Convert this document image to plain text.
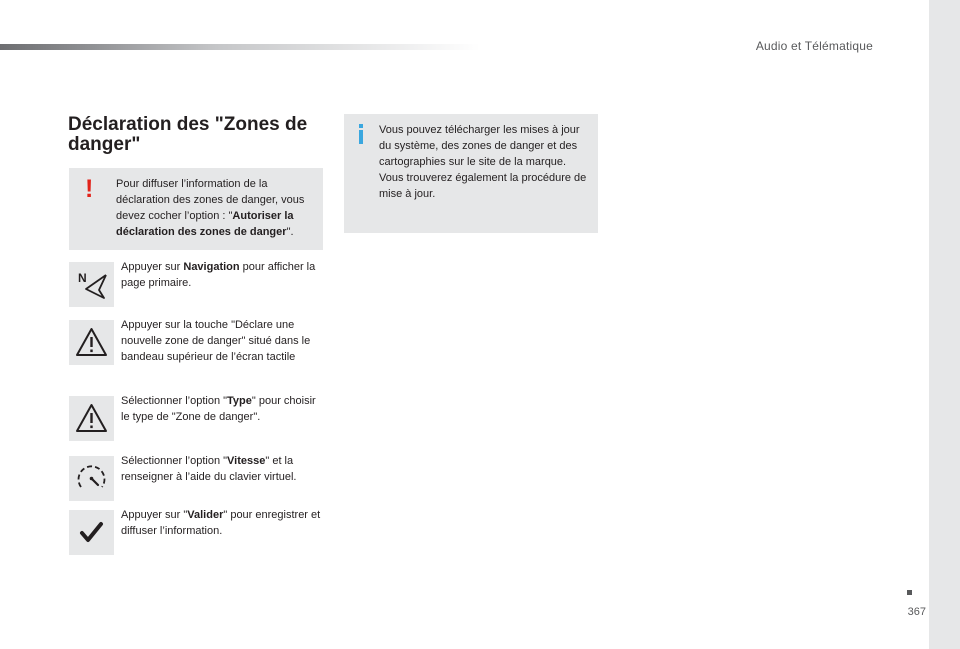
Audio et Télématique
367
Déclaration des "Zones de danger"
! Pour diffuser l’information de la déclaration des zones de danger, vous devez cocher l’option : "Autoriser la déclaration des zones de danger".
Vous pouvez télécharger les mises à jour du système, des zones de danger et des cartographies sur le site de la marque.
Vous trouverez également la procédure de mise à jour.
N
Appuyer sur Navigation pour afficher la page primaire.
Appuyer sur la touche "Déclare une nouvelle zone de danger" situé dans le bandeau supérieur de l’écran tactile
Sélectionner l’option "Type" pour choisir le type de "Zone de danger".
Sélectionner l’option "Vitesse" et la renseigner à l’aide du clavier virtuel.
Appuyer sur "Valider" pour enregistrer et diffuser l’information.
